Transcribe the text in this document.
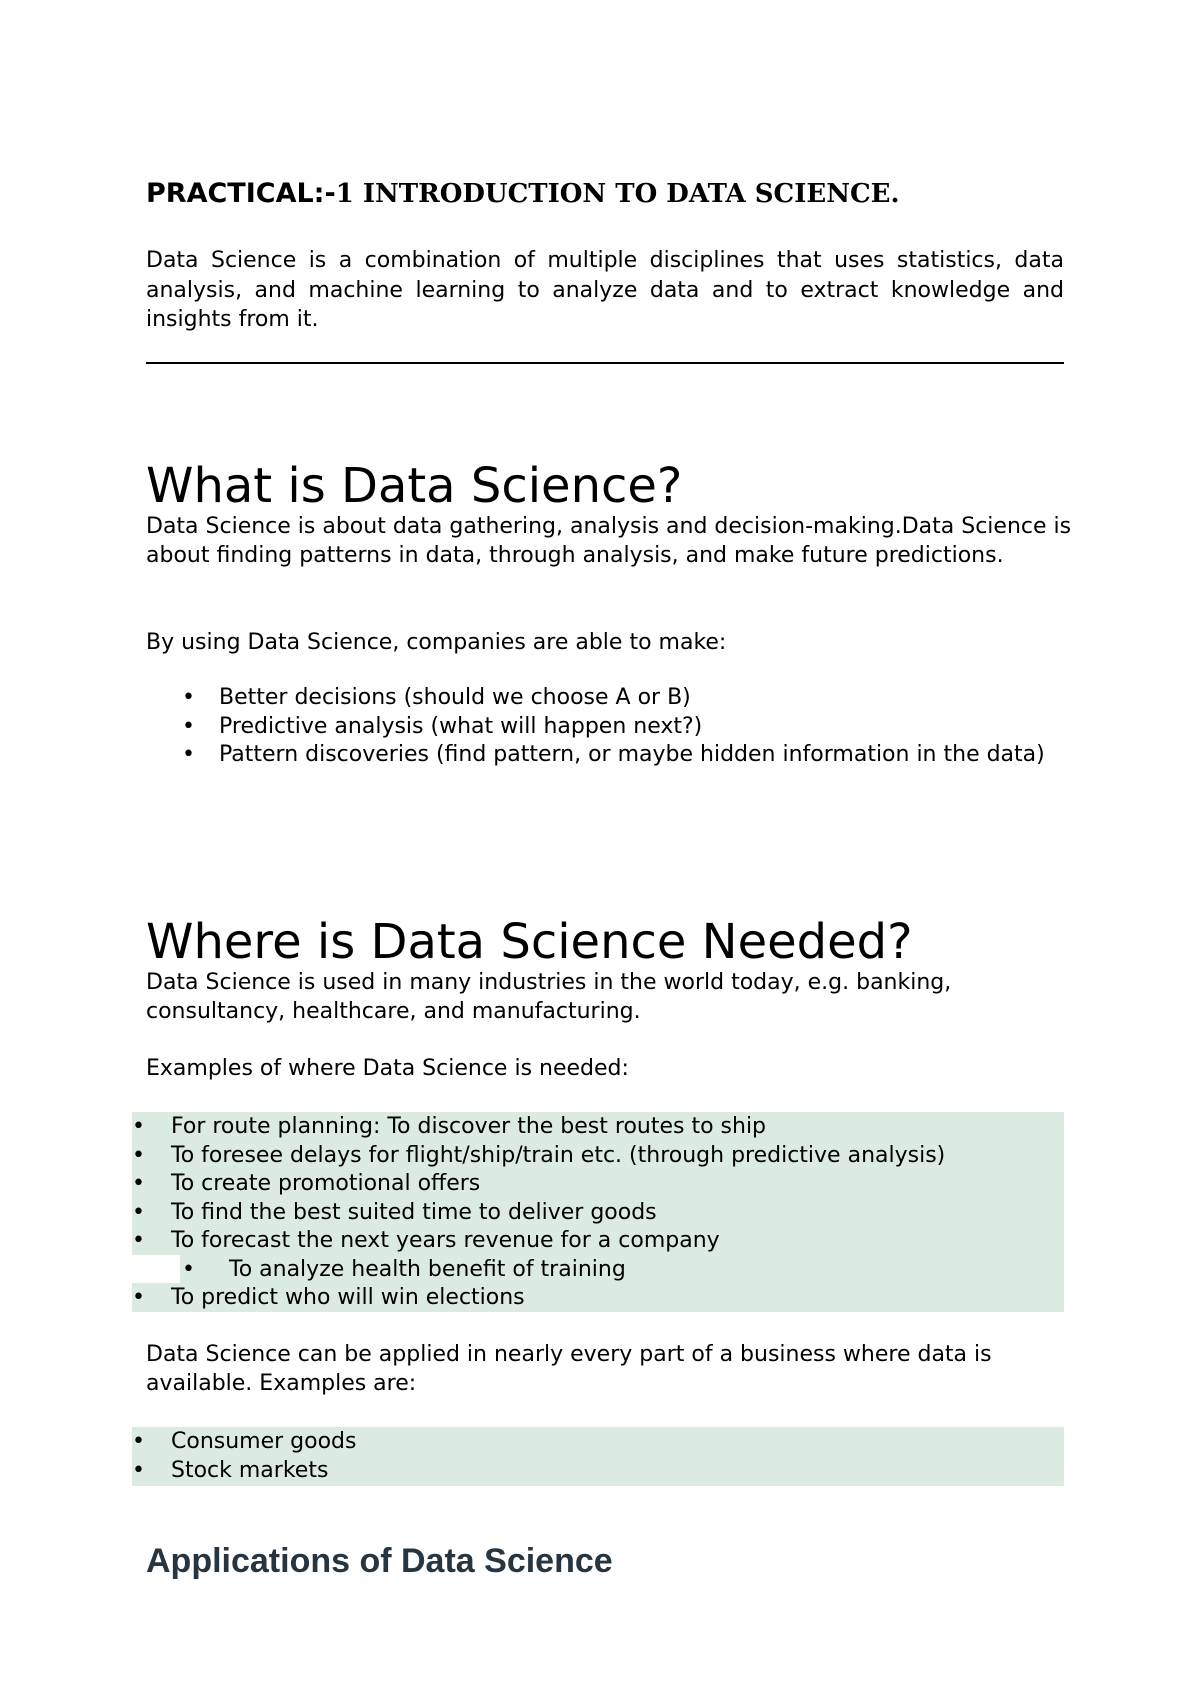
PRACTICAL:-1 INTRODUCTION TO DATA SCIENCE.
Data Science is a combination of multiple disciplines that uses statistics, data analysis, and machine learning to analyze data and to extract knowledge and insights from it.
What is Data Science?
Data Science is about data gathering, analysis and decision-making.Data Science is about finding patterns in data, through analysis, and make future predictions.
By using Data Science, companies are able to make:
• Better decisions (should we choose A or B)
• Predictive analysis (what will happen next?)
• Pattern discoveries (find pattern, or maybe hidden information in the data)
Where is Data Science Needed?
Data Science is used in many industries in the world today, e.g. banking, consultancy, healthcare, and manufacturing.
Examples of where Data Science is needed:
• For route planning: To discover the best routes to ship
• To foresee delays for flight/ship/train etc. (through predictive analysis)
• To create promotional offers
• To find the best suited time to deliver goods
• To forecast the next years revenue for a company
• To analyze health benefit of training
• To predict who will win elections
Data Science can be applied in nearly every part of a business where data is available. Examples are:
• Consumer goods
• Stock markets
Applications of Data Science
